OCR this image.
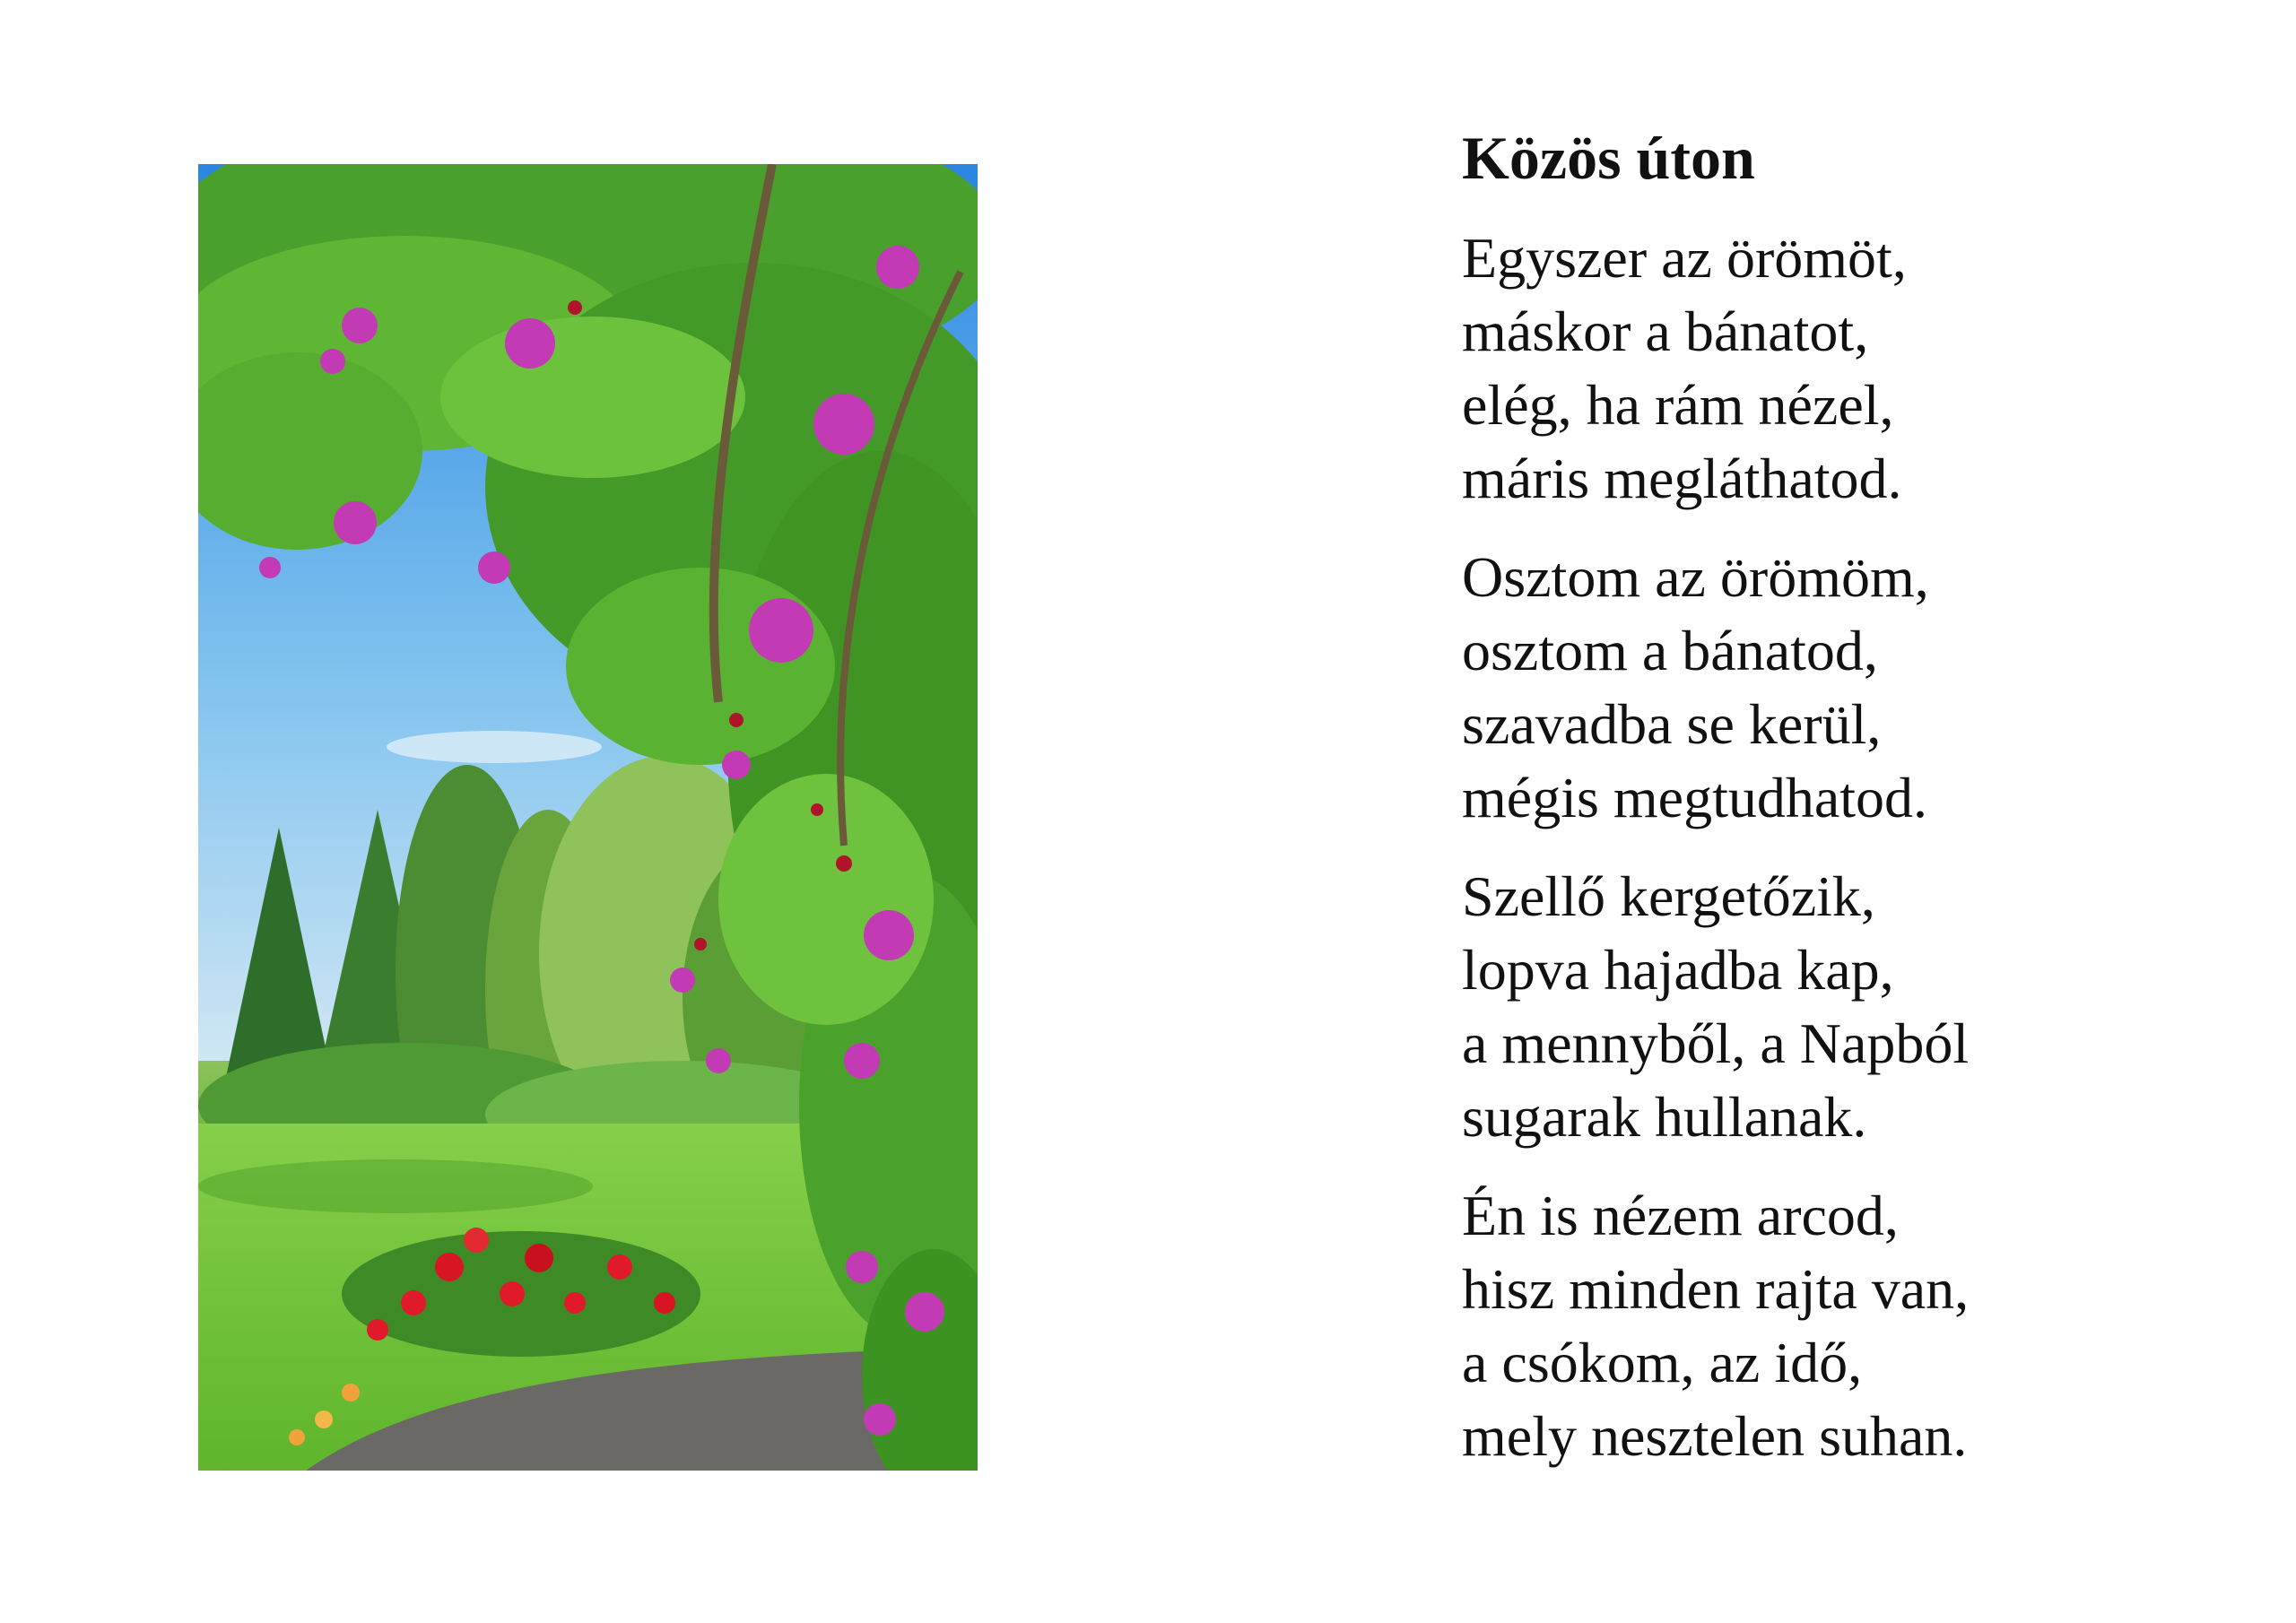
Közös úton
Egyszer az örömöt,
máskor a bánatot,
elég, ha rám nézel,
máris megláthatod.
Osztom az örömöm,
osztom a bánatod,
szavadba se kerül,
mégis megtudhatod.
Szellő kergetőzik,
lopva hajadba kap,
a mennyből, a Napból
sugarak hullanak.
Én is nézem arcod,
hisz minden rajta van,
a csókom, az idő,
mely nesztelen suhan.
